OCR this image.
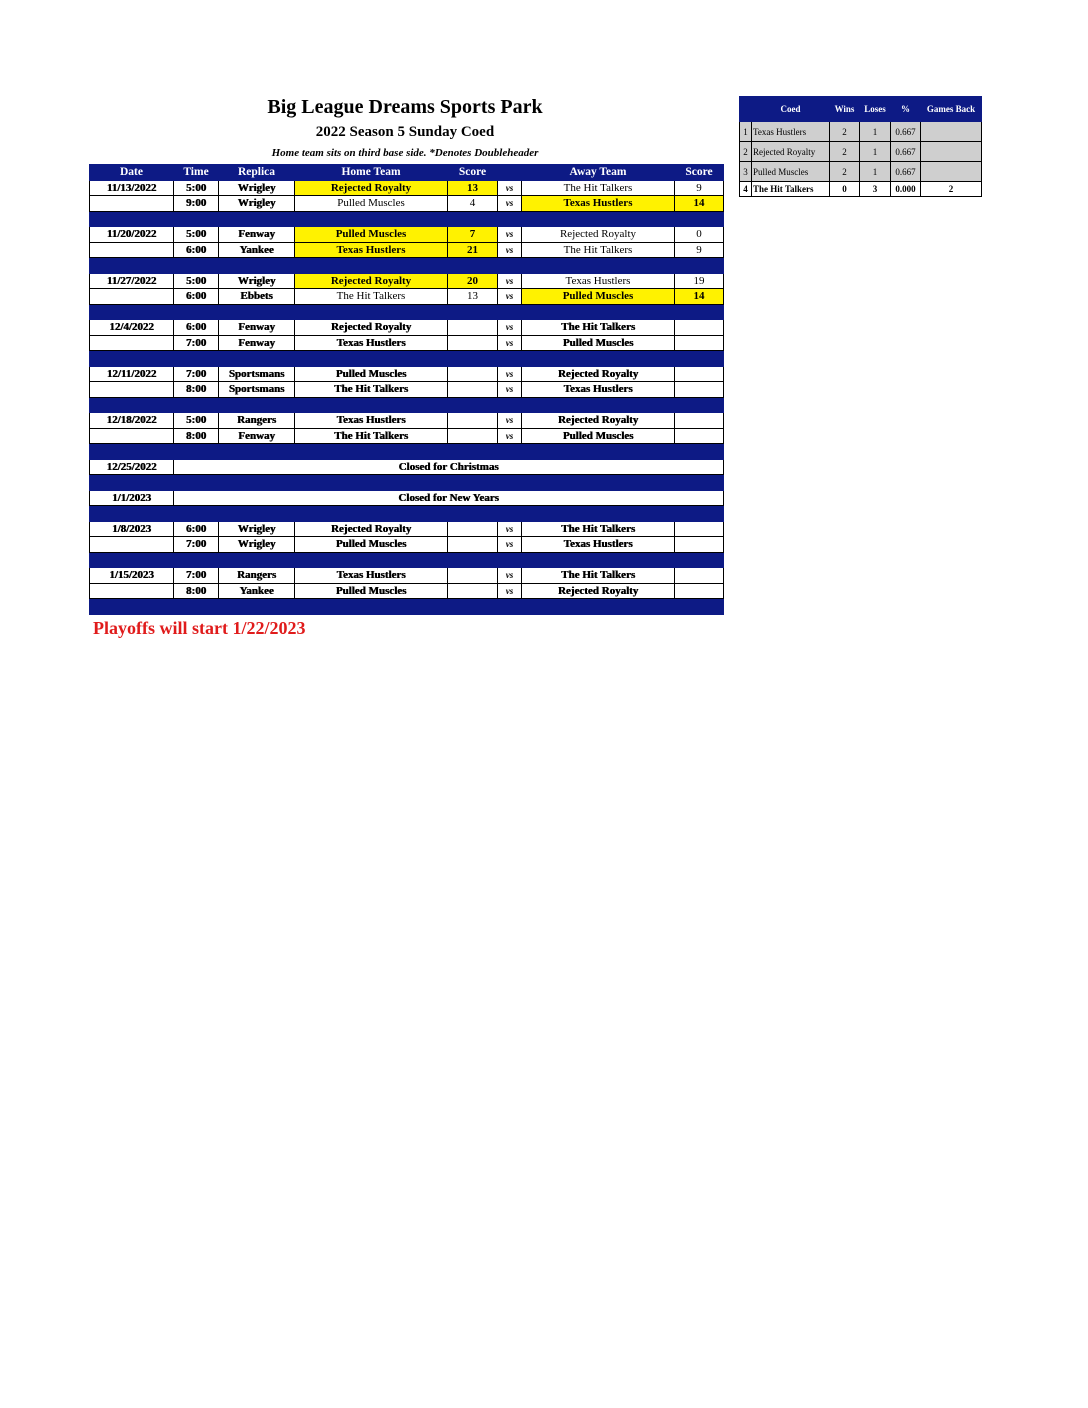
Big League Dreams Sports Park
2022 Season 5 Sunday Coed
Home team sits on third base side. *Denotes Doubleheader
Date	Time	Replica	Home Team	Score		Away Team	Score
11/13/2022	5:00	Wrigley	Rejected Royalty	13	vs	The Hit Talkers	9
	9:00	Wrigley	Pulled Muscles	4	vs	Texas Hustlers	14

11/20/2022	5:00	Fenway	Pulled Muscles	7	vs	Rejected Royalty	0
	6:00	Yankee	Texas Hustlers	21	vs	The Hit Talkers	9

11/27/2022	5:00	Wrigley	Rejected Royalty	20	vs	Texas Hustlers	19
	6:00	Ebbets	The Hit Talkers	13	vs	Pulled Muscles	14

12/4/2022	6:00	Fenway	Rejected Royalty		vs	The Hit Talkers	
	7:00	Fenway	Texas Hustlers		vs	Pulled Muscles	

12/11/2022	7:00	Sportsmans	Pulled Muscles		vs	Rejected Royalty	
	8:00	Sportsmans	The Hit Talkers		vs	Texas Hustlers	

12/18/2022	5:00	Rangers	Texas Hustlers		vs	Rejected Royalty	
	8:00	Fenway	The Hit Talkers		vs	Pulled Muscles	

12/25/2022	Closed for Christmas						

1/1/2023	Closed for New Years						

1/8/2023	6:00	Wrigley	Rejected Royalty		vs	The Hit Talkers	
	7:00	Wrigley	Pulled Muscles		vs	Texas Hustlers	

1/15/2023	7:00	Rangers	Texas Hustlers		vs	The Hit Talkers	
	8:00	Yankee	Pulled Muscles		vs	Rejected Royalty	

	Coed	Wins	Loses	%	Games Back
1	Texas Hustlers	2	1	0.667	
2	Rejected Royalty	2	1	0.667	
3	Pulled Muscles	2	1	0.667	
4	The Hit Talkers	0	3	0.000	2
Playoffs will start 1/22/2023
